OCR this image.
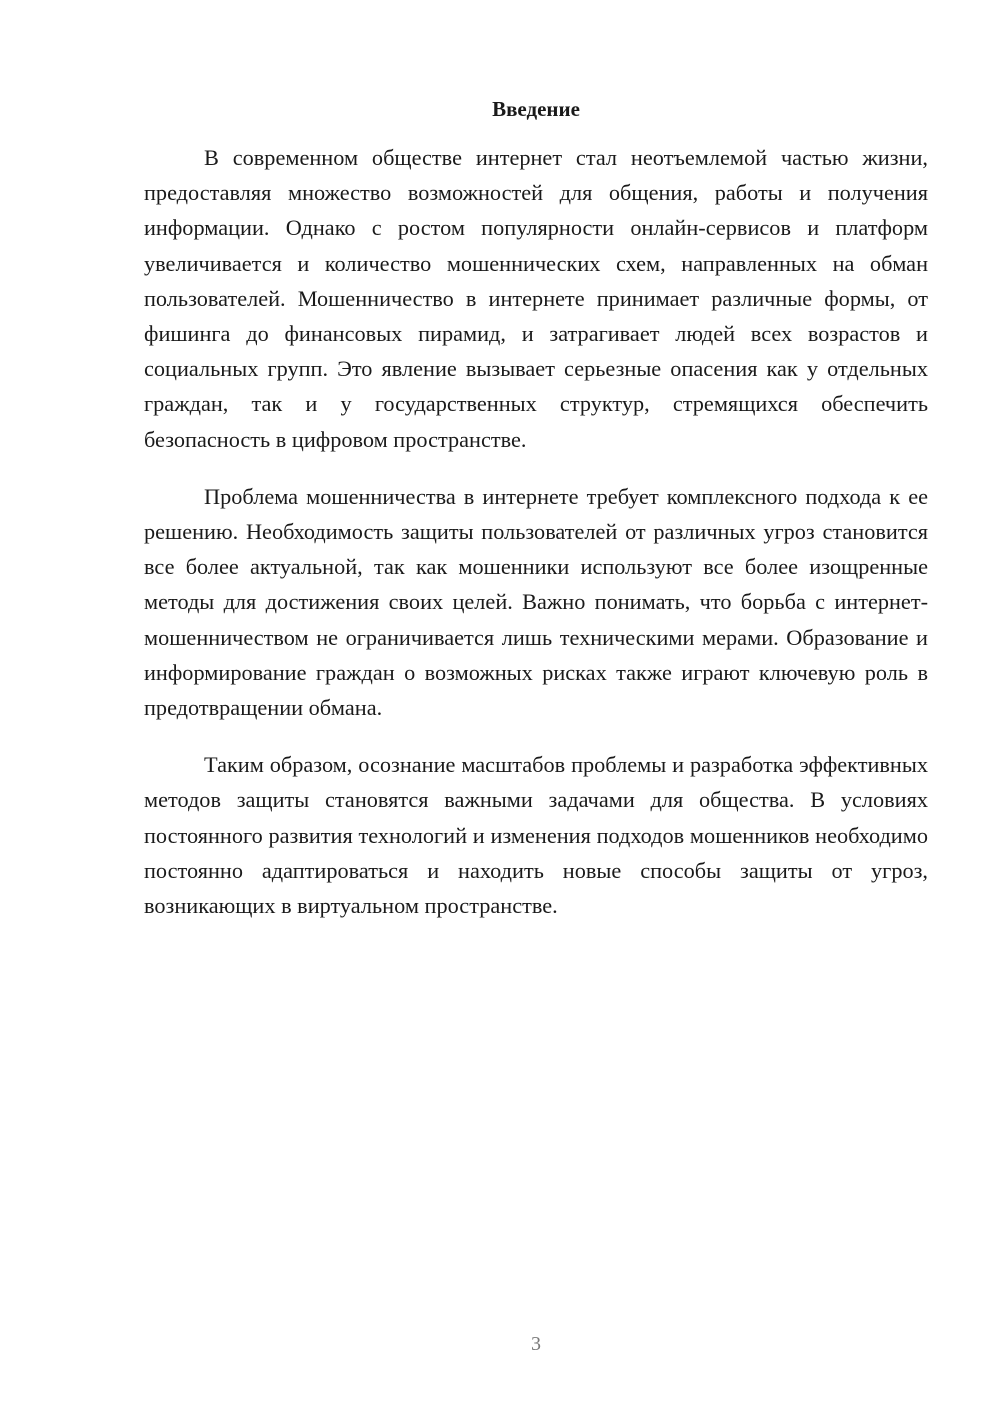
Введение

В современном обществе интернет стал неотъемлемой частью жизни, предоставляя множество возможностей для общения, работы и получения информации. Однако с ростом популярности онлайн-сервисов и платформ увеличивается и количество мошеннических схем, направленных на обман пользователей. Мошенничество в интернете принимает различные формы, от фишинга до финансовых пирамид, и затрагивает людей всех возрастов и социальных групп. Это явление вызывает серьезные опасения как у отдельных граждан, так и у государственных структур, стремящихся обеспечить безопасность в цифровом пространстве.

Проблема мошенничества в интернете требует комплексного подхода к ее решению. Необходимость защиты пользователей от различных угроз становится все более актуальной, так как мошенники используют все более изощренные методы для достижения своих целей. Важно понимать, что борьба с интернет-мошенничеством не ограничивается лишь техническими мерами. Образование и информирование граждан о возможных рисках также играют ключевую роль в предотвращении обмана.

Таким образом, осознание масштабов проблемы и разработка эффективных методов защиты становятся важными задачами для общества. В условиях постоянного развития технологий и изменения подходов мошенников необходимо постоянно адаптироваться и находить новые способы защиты от угроз, возникающих в виртуальном пространстве.

3
